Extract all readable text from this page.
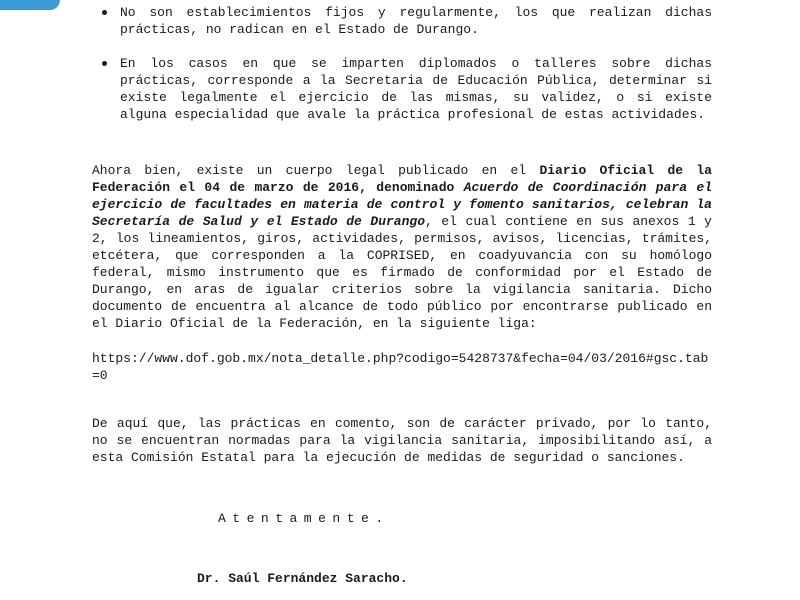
No son establecimientos fijos y regularmente, los que realizan dichas prácticas, no radican en el Estado de Durango.
En los casos en que se imparten diplomados o talleres sobre dichas prácticas, corresponde a la Secretaria de Educación Pública, determinar si existe legalmente el ejercicio de las mismas, su validez, o si existe alguna especialidad que avale la práctica profesional de estas actividades.

Ahora bien, existe un cuerpo legal publicado en el Diario Oficial de la Federación el 04 de marzo de 2016, denominado Acuerdo de Coordinación para el ejercicio de facultades en materia de control y fomento sanitarios, celebran la Secretaría de Salud y el Estado de Durango, el cual contiene en sus anexos 1 y 2, los lineamientos, giros, actividades, permisos, avisos, licencias, trámites, etcétera, que corresponden a la COPRISED, en coadyuvancia con su homólogo federal, mismo instrumento que es firmado de conformidad por el Estado de Durango, en aras de igualar criterios sobre la vigilancia sanitaria. Dicho documento de encuentra al alcance de todo público por encontrarse publicado en el Diario Oficial de la Federación, en la siguiente liga:

https://www.dof.gob.mx/nota_detalle.php?codigo=5428737&fecha=04/03/2016#gsc.tab=0

De aquí que, las prácticas en comento, son de carácter privado, por lo tanto, no se encuentran normadas para la vigilancia sanitaria, imposibilitando así, a esta Comisión Estatal para la ejecución de medidas de seguridad o sanciones.

Atentamente.
Dr. Saúl Fernández Saracho.
